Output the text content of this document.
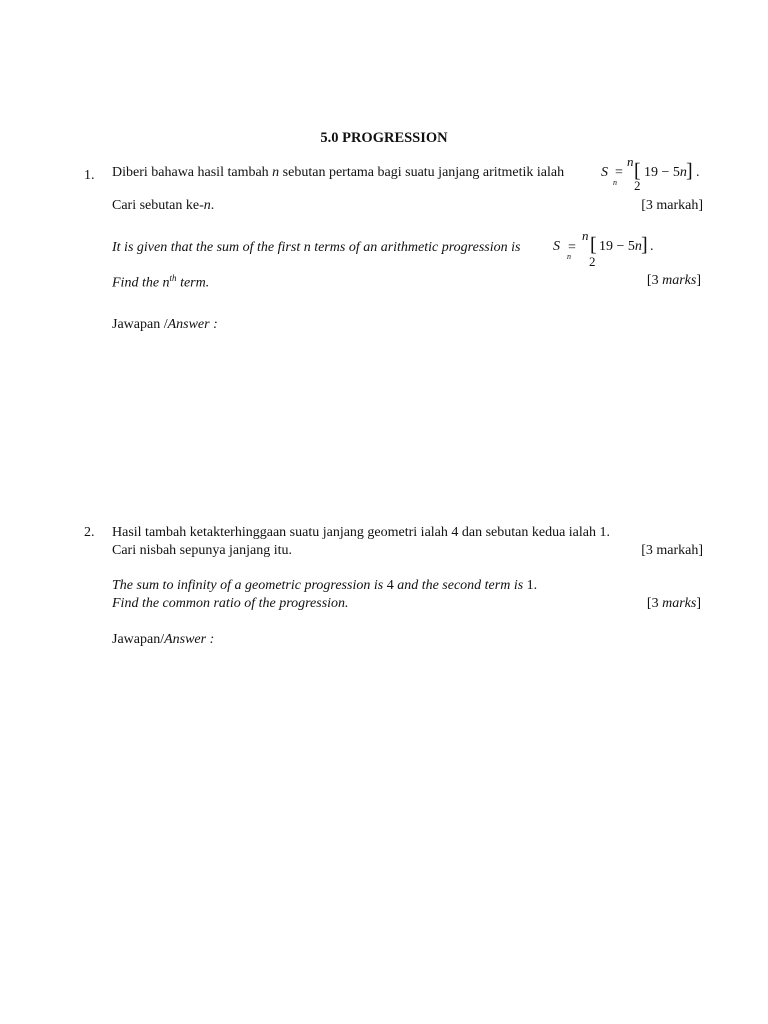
5.0 PROGRESSION
1. Diberi bahawa hasil tambah n sebutan pertama bagi suatu janjang aritmetik ialah	S
n
=
n
2
[ 19 − 5n ] .
Cari sebutan ke-n.	[3 markah]
It is given that the sum of the first n terms of an arithmetic progression is S
n
=
n
2
[ 19 − 5n ] .
Find the $n^{th}$ term.	[3 marks]
Jawapan /Answer :
2. Hasil tambah ketakterhinggaan suatu janjang geometri ialah 4 dan sebutan kedua ialah 1.
Cari nisbah sepunya janjang itu.	[3 markah]
The sum to infinity of a geometric progression is 4 and the second term is 1.
Find the common ratio of the progression.	[3 marks]
Jawapan/Answer :
